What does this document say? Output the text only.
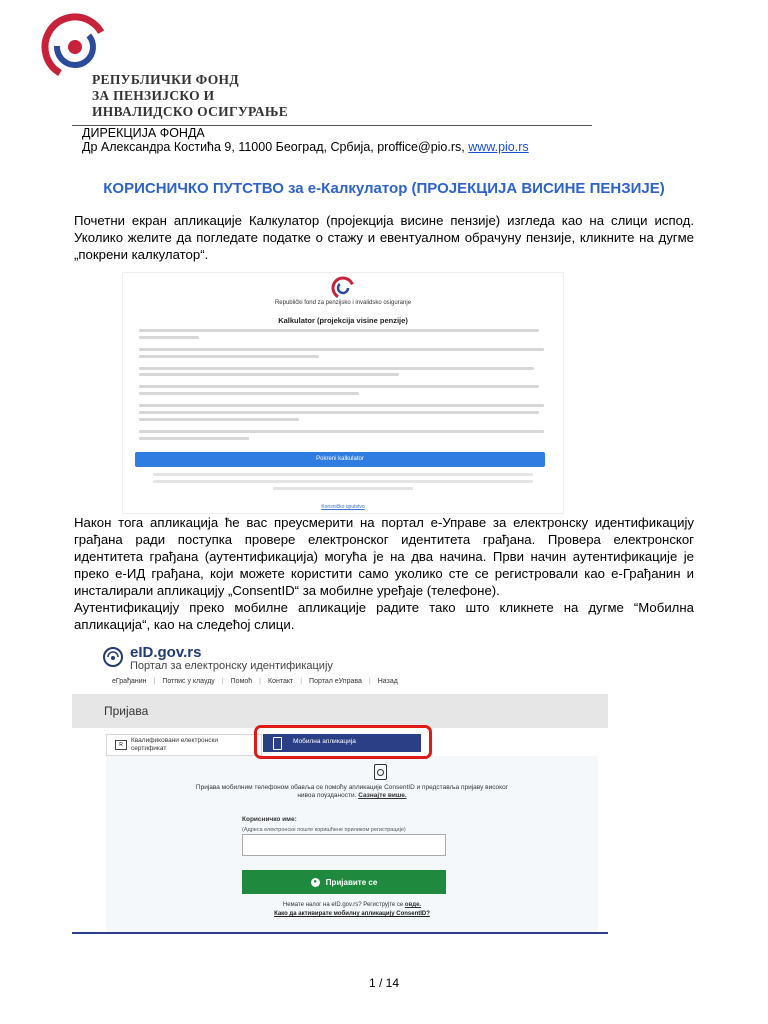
РЕПУБЛИЧКИ ФОНД
ЗА ПЕНЗИЈСКО И
ИНВАЛИДСКО ОСИГУРАЊЕ
ДИРЕКЦИЈА ФОНДА
Др Александра Костића 9, 11000 Београд, Србија, proffice@pio.rs, www.pio.rs
КОРИСНИЧКО ПУТСТВО за е-Калкулатор (ПРОЈЕКЦИЈА ВИСИНЕ ПЕНЗИЈЕ)
Почетни екран апликације Калкулатор (пројекција висине пензије) изгледа као на слици испод. Уколико желите да погледате податке о стажу и евентуалном обрачуну пензије, кликните на дугме „покрени калкулатор“.
Republički fond za penzijsko i invalidsko osiguranje
Kalkulator (projekcija visine penzije)
Pokreni kalkulator
Korisničko uputstvo
Након тога апликација ће вас преусмерити на портал е-Управе за електронску идентификацију грађана ради поступка провере електронског идентитета грађана. Провера електронског идентитета грађана (аутентификација) могућа је на два начина. Први начин аутентификације је преко е-ИД грађана, који можете користити само уколико сте се регистровали као е-Грађанин и инсталирали апликацију „ConsentID“ за мобилне уређаје (телефоне).
Аутентификацију преко мобилне апликације радите тако што кликнете на дугме “Мобилна апликација“, као на следећој слици.
eID.gov.rs
Портал за електронску идентификацију
еГрађанин | Потпис у клауду | Помоћ | Контакт | Портал еУправа | Назад
Пријава
R
Квалификовани електронски
сертификат
Мобилна апликација
Пријава мобилним телефоном обавља се помоћу апликације ConsentID и представља пријаву високог нивоа поузданости. Сазнајте више.
Корисничко име:
(Адреса електронске поште коришћене приликом регистрације)
●	Пријавите се
Немате налог на eID.gov.rs? Региструјте се овде.
Како да активирате мобилну апликацију ConsentID?
1 / 14
